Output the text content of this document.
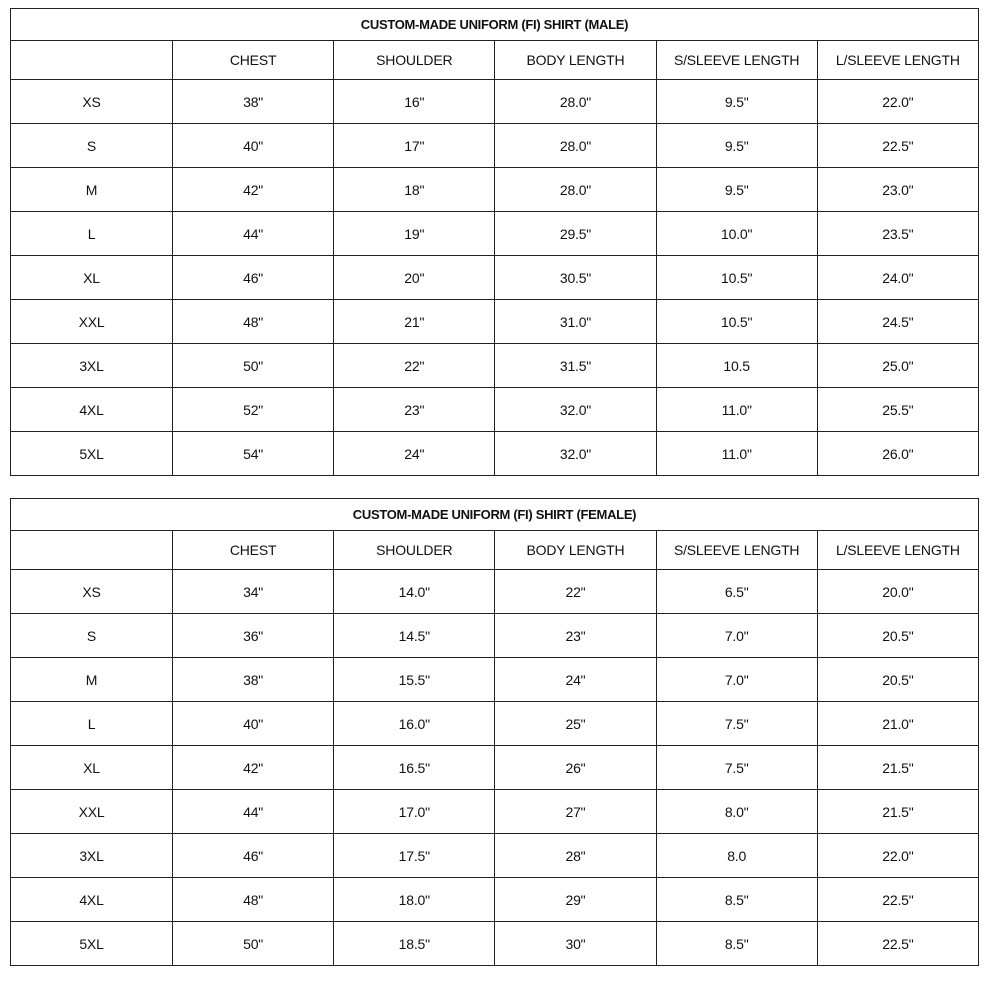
CUSTOM-MADE UNIFORM (FI) SHIRT (MALE)					
	CHEST	SHOULDER	BODY LENGTH	S/SLEEVE LENGTH	L/SLEEVE LENGTH
XS	38"	16"	28.0"	9.5"	22.0"
S	40"	17"	28.0"	9.5"	22.5"
M	42"	18"	28.0"	9.5"	23.0"
L	44"	19"	29.5"	10.0"	23.5"
XL	46"	20"	30.5"	10.5"	24.0"
XXL	48"	21"	31.0"	10.5"	24.5"
3XL	50"	22"	31.5"	10.5	25.0"
4XL	52"	23"	32.0"	11.0"	25.5"
5XL	54"	24"	32.0"	11.0"	26.0"
CUSTOM-MADE UNIFORM (FI) SHIRT (FEMALE)					
	CHEST	SHOULDER	BODY LENGTH	S/SLEEVE LENGTH	L/SLEEVE LENGTH
XS	34"	14.0"	22"	6.5"	20.0"
S	36"	14.5"	23"	7.0"	20.5"
M	38"	15.5"	24"	7.0"	20.5"
L	40"	16.0"	25"	7.5"	21.0"
XL	42"	16.5"	26"	7.5"	21.5"
XXL	44"	17.0"	27"	8.0"	21.5"
3XL	46"	17.5"	28"	8.0	22.0"
4XL	48"	18.0"	29"	8.5"	22.5"
5XL	50"	18.5"	30"	8.5"	22.5"
